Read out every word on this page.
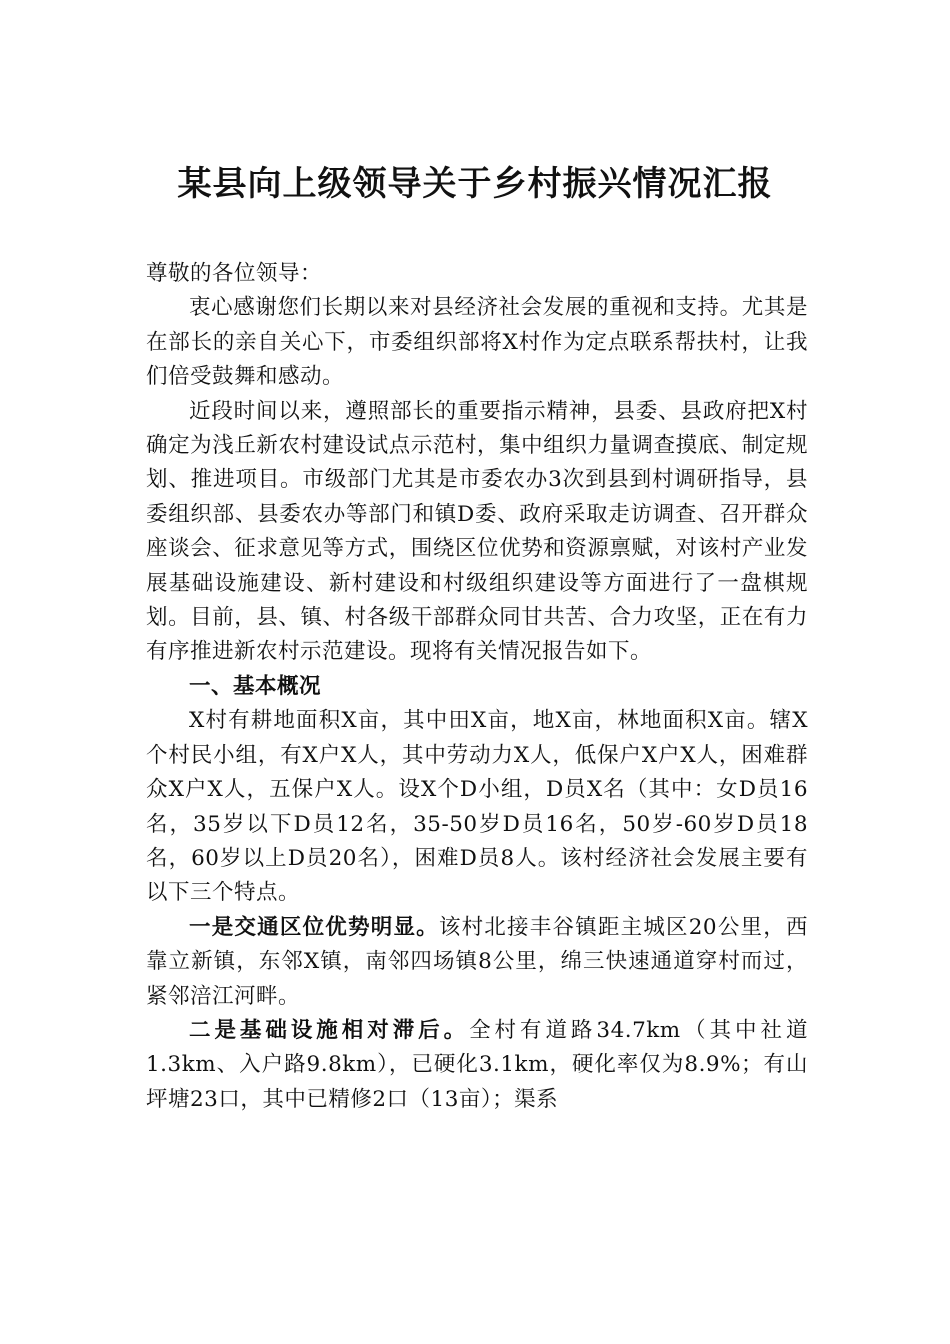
某县向上级领导关于乡村振兴情况汇报

尊敬的各位领导：

衷心感谢您们长期以来对县经济社会发展的重视和支持。尤其是在部长的亲自关心下，市委组织部将X村作为定点联系帮扶村，让我们倍受鼓舞和感动。

近段时间以来，遵照部长的重要指示精神，县委、县政府把X村确定为浅丘新农村建设试点示范村，集中组织力量调查摸底、制定规划、推进项目。市级部门尤其是市委农办3次到县到村调研指导，县委组织部、县委农办等部门和镇D委、政府采取走访调查、召开群众座谈会、征求意见等方式，围绕区位优势和资源禀赋，对该村产业发展基础设施建设、新村建设和村级组织建设等方面进行了一盘棋规划。目前，县、镇、村各级干部群众同甘共苦、合力攻坚，正在有力有序推进新农村示范建设。现将有关情况报告如下。

一、基本概况

X村有耕地面积X亩，其中田X亩，地X亩，林地面积X亩。辖X个村民小组，有X户X人，其中劳动力X人，低保户X户X人，困难群众X户X人，五保户X人。设X个D小组，D员X名（其中：女D员16名，35岁以下D员12名，35-50岁D员16名，50岁-60岁D员18名，60岁以上D员20名），困难D员8人。该村经济社会发展主要有以下三个特点。

一是交通区位优势明显。该村北接丰谷镇距主城区20公里，西靠立新镇，东邻X镇，南邻四场镇8公里，绵三快速通道穿村而过，紧邻涪江河畔。

二是基础设施相对滞后。全村有道路34.7km（其中社道1.3km、入户路9.8km），已硬化3.1km，硬化率仅为8.9%；有山坪塘23口，其中已精修2口（13亩）；渠系
